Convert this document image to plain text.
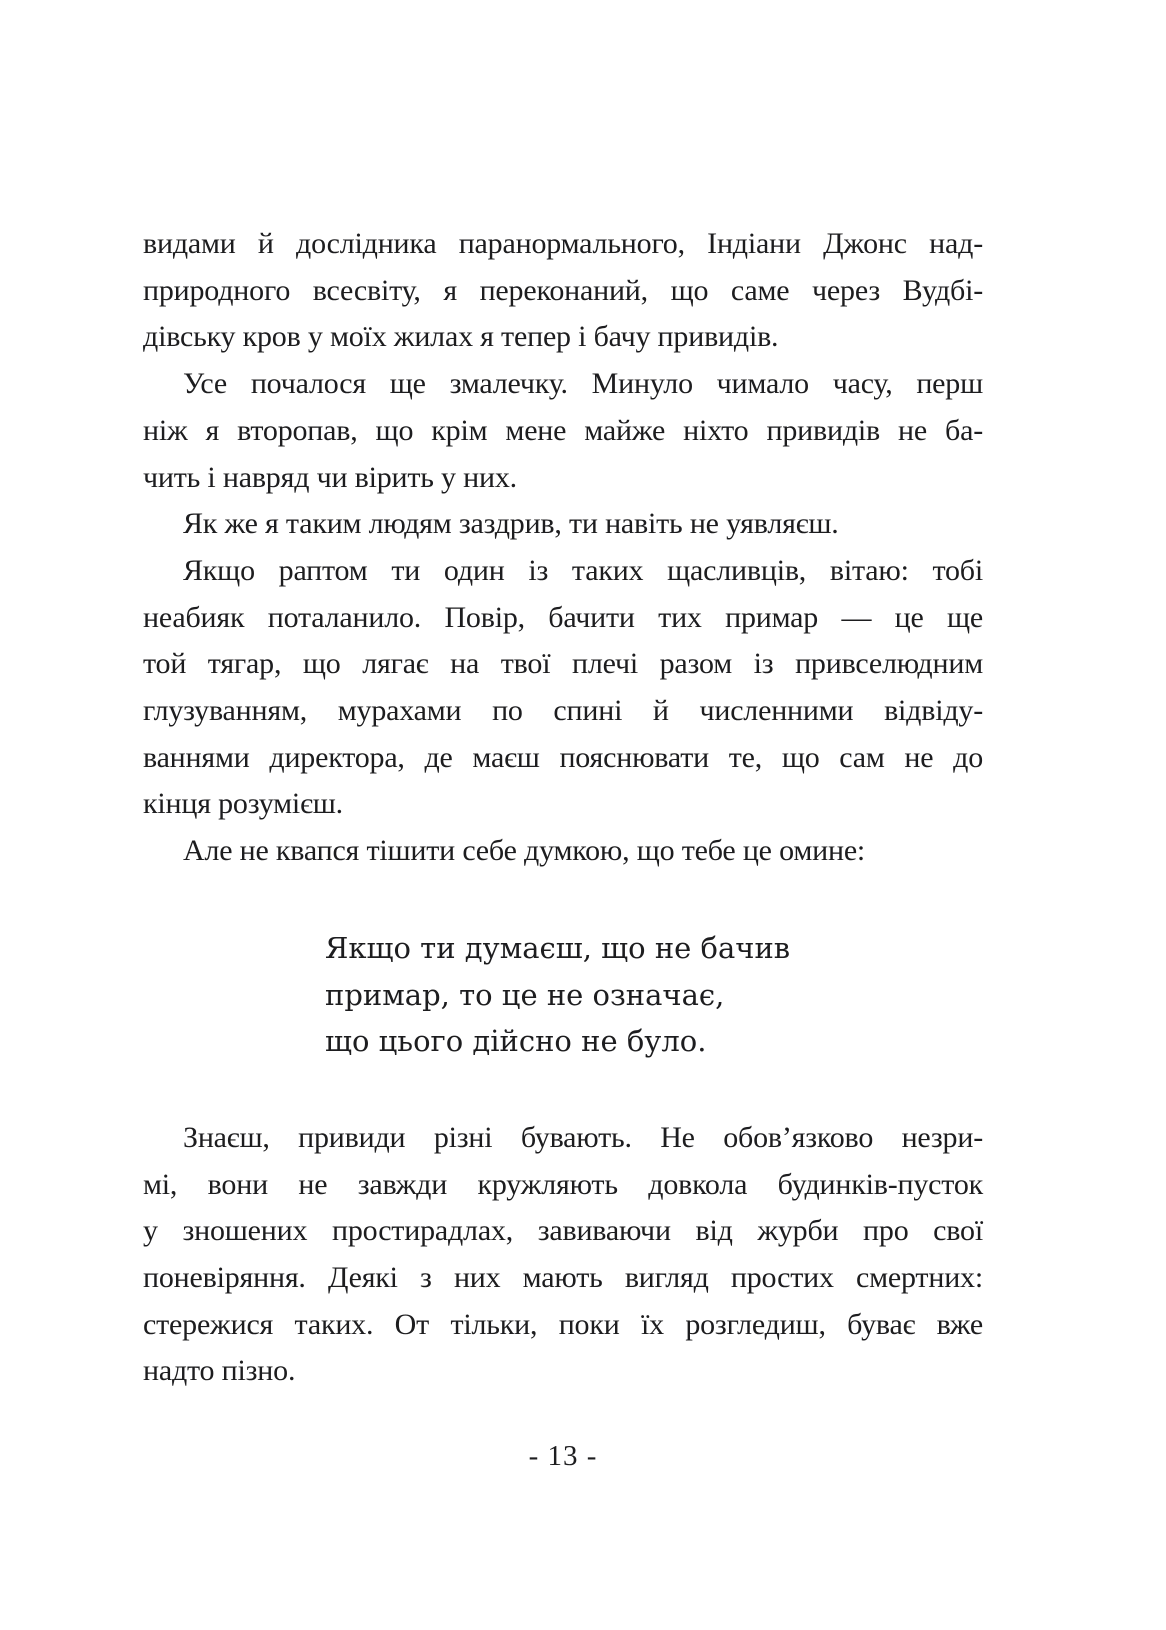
видами й дослідника паранормального, Індіани Джонс над-
природного всесвіту, я переконаний, що саме через Вудбі-
дівську кров у моїх жилах я тепер і бачу привидів.

Усе почалося ще змалечку. Минуло чимало часу, перш
ніж я второпав, що крім мене майже ніхто привидів не ба-
чить і навряд чи вірить у них.

Як же я таким людям заздрив, ти навіть не уявляєш.

Якщо раптом ти один із таких щасливців, вітаю: тобі
неабияк поталанило. Повір, бачити тих примар — це ще
той тягар, що лягає на твої плечі разом із привселюдним
глузуванням, мурахами по спині й численними відвіду-
ваннями директора, де маєш пояснювати те, що сам не до
кінця розумієш.

Але не квапся тішити себе думкою, що тебе це омине:

Якщо ти думаєш, що не бачив
примар, то це не означає,
що цього дійсно не було.

Знаєш, привиди різні бувають. Не обов’язково незри-
мі, вони не завжди кружляють довкола будинків-пусток
у зношених простирадлах, завиваючи від журби про свої
поневіряння. Деякі з них мають вигляд простих смертних:
стережися таких. От тільки, поки їх розгледиш, буває вже
надто пізно.

- 13 -
